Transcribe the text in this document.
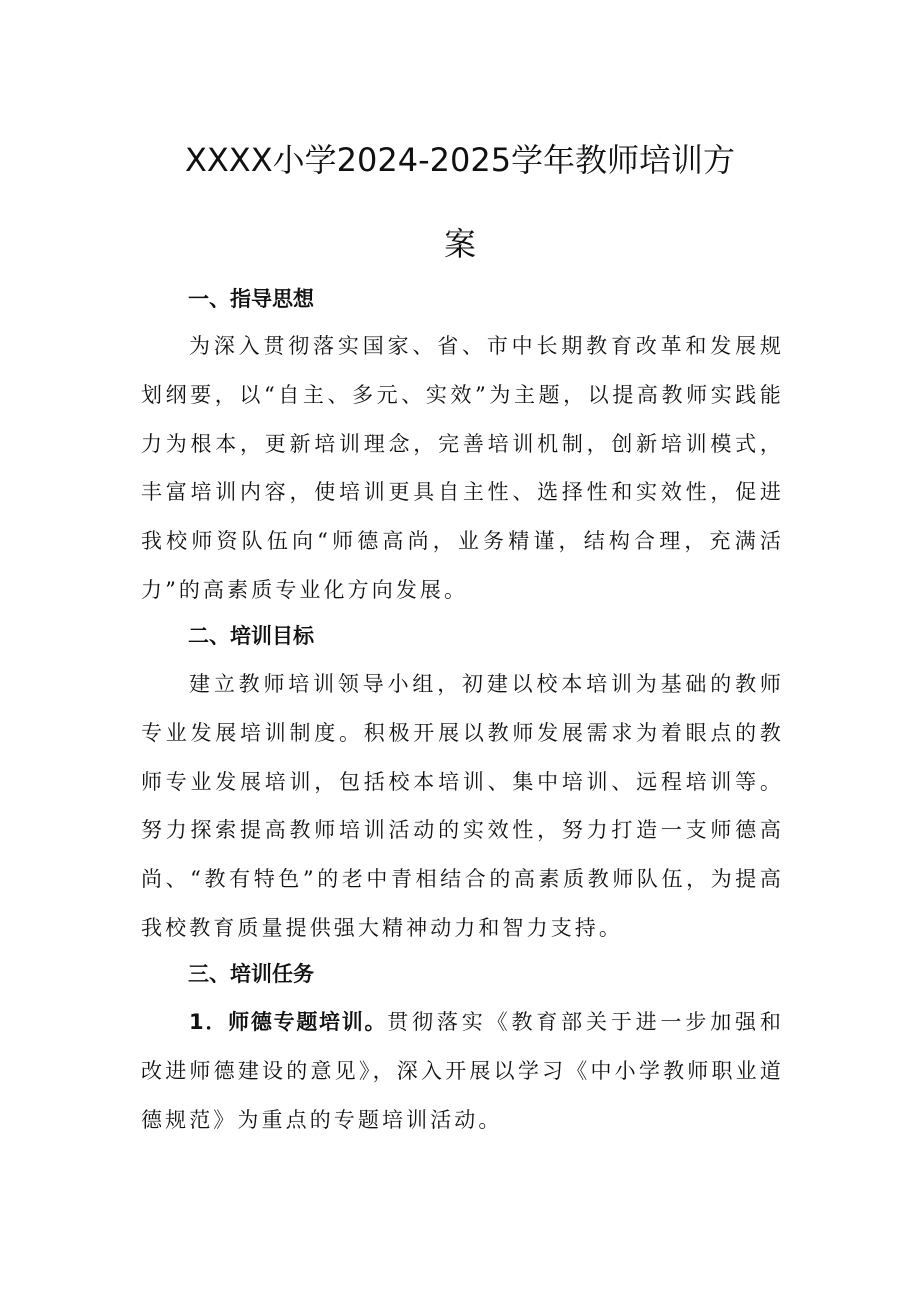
XXXX小学2024-2025学年教师培训方
案
一、指导思想

为深入贯彻落实国家、省、市中长期教育改革和发展规划纲要，以“自主、多元、实效”为主题，以提高教师实践能力为根本，更新培训理念，完善培训机制，创新培训模式，丰富培训内容，使培训更具自主性、选择性和实效性，促进我校师资队伍向“师德高尚，业务精谨，结构合理，充满活力”的高素质专业化方向发展。

二、培训目标

建立教师培训领导小组，初建以校本培训为基础的教师专业发展培训制度。积极开展以教师发展需求为着眼点的教师专业发展培训，包括校本培训、集中培训、远程培训等。努力探索提高教师培训活动的实效性，努力打造一支师德高尚、“教有特色”的老中青相结合的高素质教师队伍，为提高我校教育质量提供强大精神动力和智力支持。

三、培训任务

1．师德专题培训。贯彻落实《教育部关于进一步加强和改进师德建设的意见》，深入开展以学习《中小学教师职业道德规范》为重点的专题培训活动。
